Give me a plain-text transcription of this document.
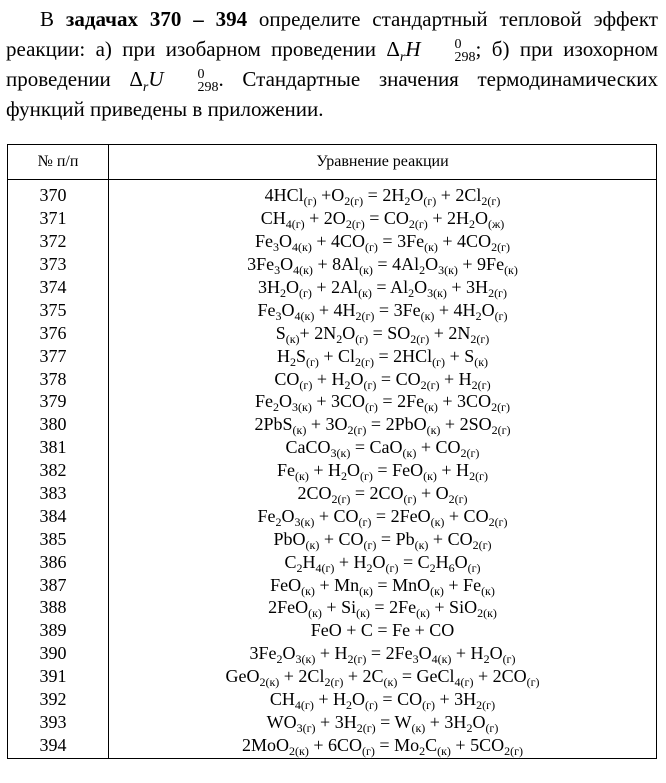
В задачах 370 – 394 определите стандартный тепловой эффект реакции: а) при изобарном проведении $\Delta_rH$	0
298 ; б) при изохорном проведении $\Delta_rU$	0
298 . Стандартные значения термодинамических функций приведены в приложении.
№ п/п	Уравнение реакции
370	$4HCl_{(г)} +O_{2(г)} = 2H_2O_{(г)} + 2Cl_{2(г)}$
371	$CH_{4(г)} + 2O_{2(г)} = CO_{2(г)} + 2H_2O_{(ж)}$
372	$Fe_3O_{4(к)} + 4CO_{(г)} = 3Fe_{(к)} + 4CO_{2(г)}$
373	$3Fe_3O_{4(к)} + 8Al_{(к)} = 4Al_2O_{3(к)} + 9Fe_{(к)}$
374	$3H_2O_{(г)} + 2Al_{(к)} = Al_2O_{3(к)} + 3H_{2(г)}$
375	$Fe_3O_{4(к)} + 4H_{2(г)} = 3Fe_{(к)} + 4H_2O_{(г)}$
376	$S_{(к)}+ 2N_2O_{(г)} = SO_{2(г)} + 2N_{2(г)}$
377	$H_2S_{(г)} + Cl_{2(г)} = 2HCl_{(г)} + S_{(к)}$
378	$CO_{(г)} + H_2O_{(г)} = CO_{2(г)} + H_{2(г)}$
379	$Fe_2O_{3(к)} + 3CO_{(г)} = 2Fe_{(к)} + 3CO_{2(г)}$
380	$2PbS_{(к)} + 3O_{2(г)} = 2PbO_{(к)} + 2SO_{2(г)}$
381	CaCO$_{3(к)}$ = $CaO_{(к)} + CO_{2(г)}$
382	$Fe_{(к)} + H_2O_{(г)} = FeO_{(к)} + H_{2(г)}$
383	$2CO_{2(г)} = 2CO_{(г)} + O_{2(г)}$
384	$Fe_2O_{3(к)} + CO_{(г)} = 2FeO_{(к)} + CO_{2(г)}$
385	$PbO_{(к)} + CO_{(г)} = Pb_{(к)} + CO_{2(г)}$
386	$C_2H_{4(г)} + H_2O_{(г)} = C_2H_6O_{(г)}$
387	$FeO_{(к)} + Mn_{(к)} = MnO_{(к)} + Fe_{(к)}$
388	$2FeO_{(к)} + Si_{(к)} = 2Fe_{(к)} + SiO_{2(к)}$
389	FeO + C = Fe + CO
390	$3Fe_2O_{3(к)} + H_{2(г)} = 2Fe_3O_{4(к)} + H_2O_{(г)}$
391	$GeO_{2(к)} + 2Cl_{2(г)} + 2C_{(к)}$ = GeCl$_{4(г)}$ + $2CO_{(г)}$
392	$CH_{4(г)} + H_2O_{(г)} = CO_{(г)} + 3H_{2(г)}$
393	$WO_{3(г)} + 3H_{2(г)} = W_{(к)} + 3H_2O_{(г)}$
394	$2MoO_{2(к)} + 6CO_{(г)} = Mo_2C_{(к)} + 5CO_{2(г)}$
